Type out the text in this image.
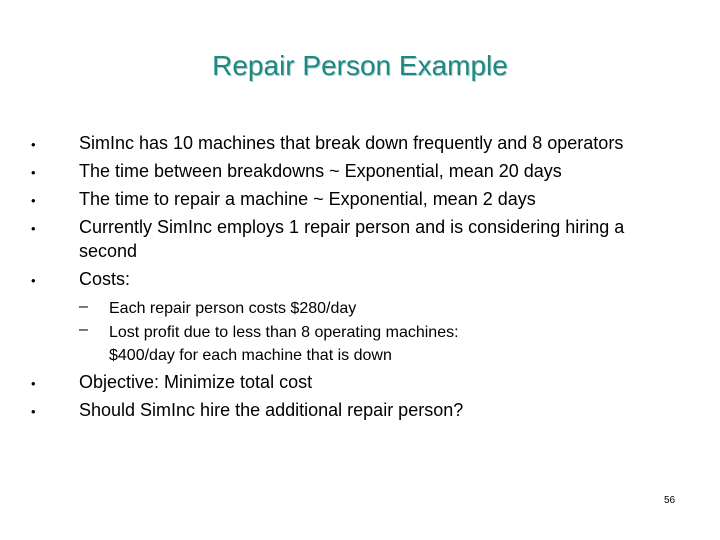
Repair Person Example
• SimInc has 10 machines that break down frequently and 8 operators
• The time between breakdowns ~ Exponential, mean 20 days
• The time to repair a machine ~ Exponential, mean 2 days
• Currently SimInc employs 1 repair person and is considering hiring a
second
• Costs:
– Each repair person costs $280/day
– Lost profit due to less than 8 operating machines:
$400/day for each machine that is down
• Objective: Minimize total cost
• Should SimInc hire the additional repair person?
56
